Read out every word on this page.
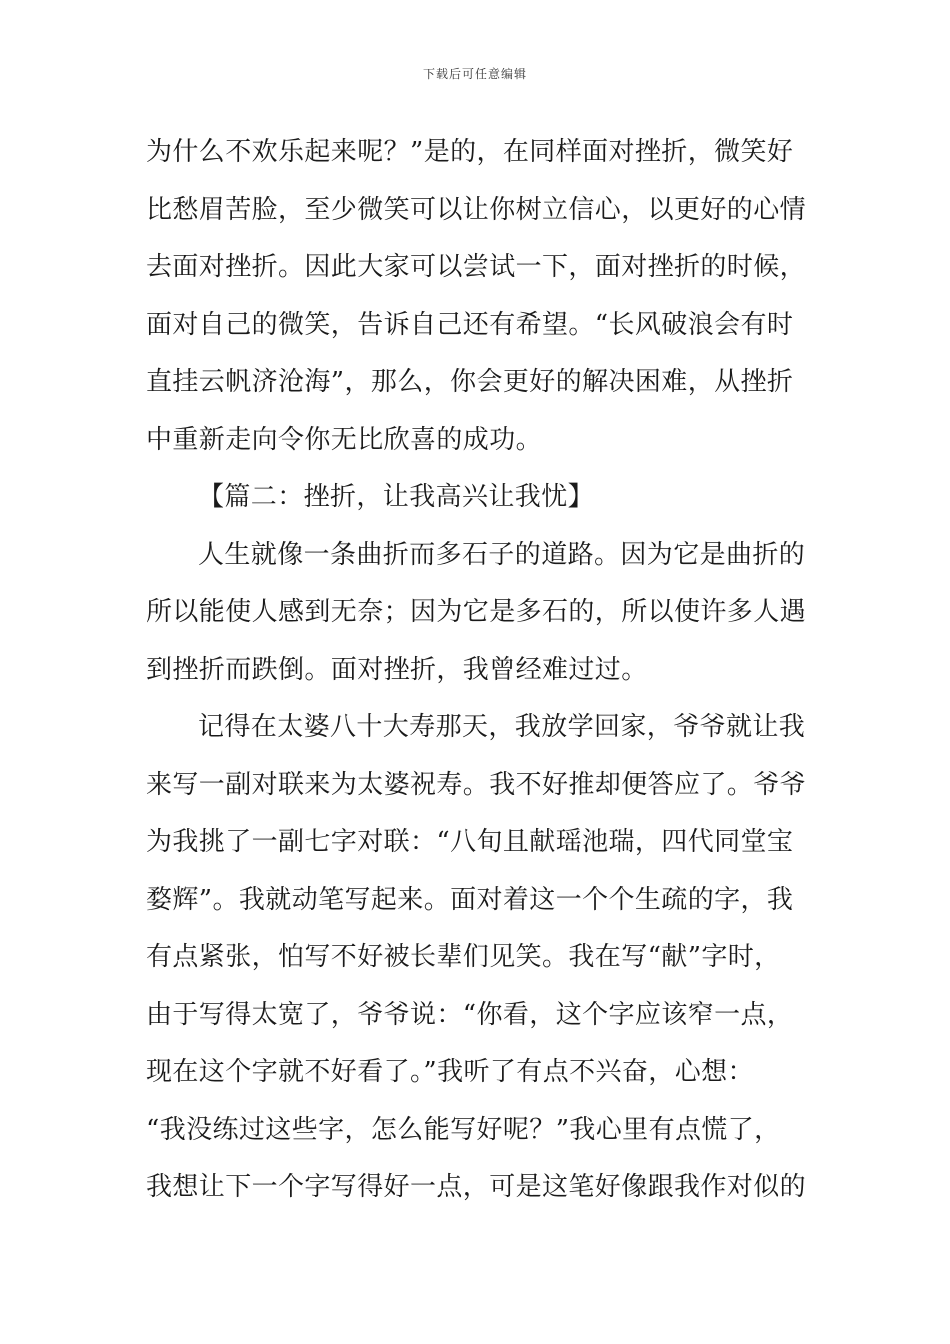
下载后可任意编辑
为什么不欢乐起来呢？”是的，在同样面对挫折，微笑好
比愁眉苦脸，至少微笑可以让你树立信心，以更好的心情
去面对挫折。因此大家可以尝试一下，面对挫折的时候，
面对自己的微笑，告诉自己还有希望。“长风破浪会有时
直挂云帆济沧海”，那么，你会更好的解决困难，从挫折
中重新走向令你无比欣喜的成功。
【篇二：挫折，让我高兴让我忧】
人生就像一条曲折而多石子的道路。因为它是曲折的
所以能使人感到无奈；因为它是多石的，所以使许多人遇
到挫折而跌倒。面对挫折，我曾经难过过。
记得在太婆八十大寿那天，我放学回家，爷爷就让我
来写一副对联来为太婆祝寿。我不好推却便答应了。爷爷
为我挑了一副七字对联：“八旬且献瑶池瑞，四代同堂宝
婺辉”。我就动笔写起来。面对着这一个个生疏的字，我
有点紧张，怕写不好被长辈们见笑。我在写“献”字时，
由于写得太宽了，爷爷说：“你看，这个字应该窄一点，
现在这个字就不好看了。”我听了有点不兴奋，心想：
“我没练过这些字，怎么能写好呢？”我心里有点慌了，
我想让下一个字写得好一点，可是这笔好像跟我作对似的
